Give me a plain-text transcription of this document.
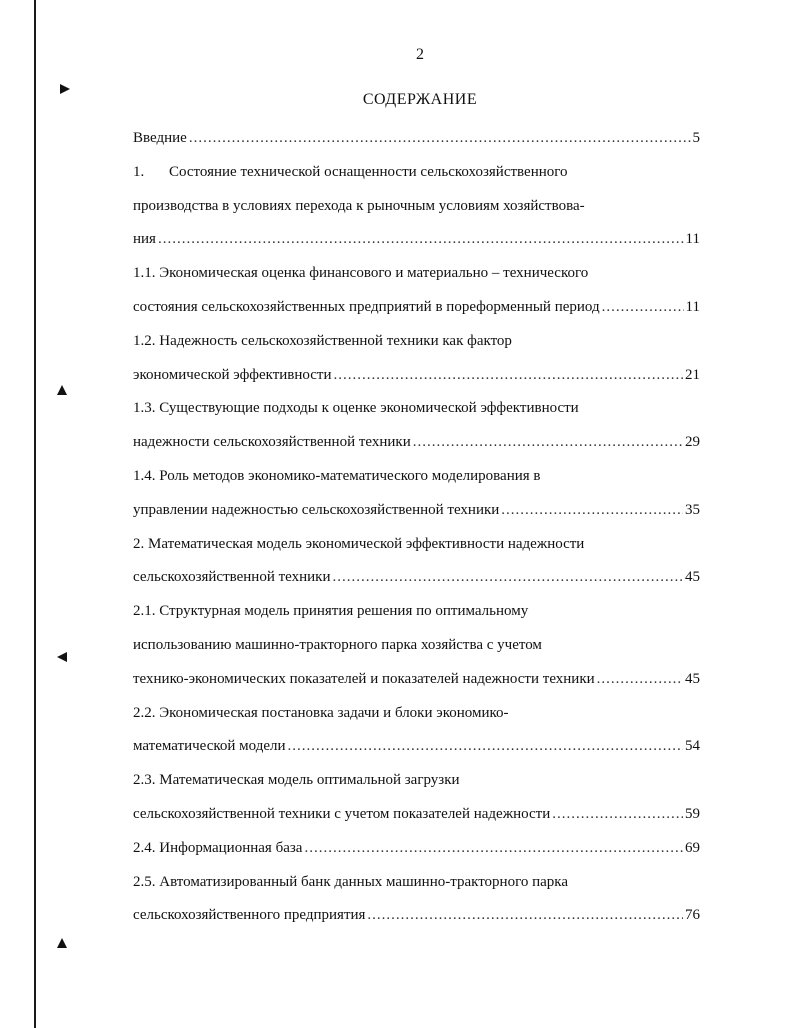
2
СОДЕРЖАНИЕ
Введние .....	5
1. Состояние технической оснащенности сельскохозяйственного
производства в условиях перехода к рыночным условиям хозяйствова-
ния .....	11
1.1. Экономическая оценка финансового и материально – технического
состояния сельскохозяйственных предприятий в пореформенный период .....	11
1.2. Надежность сельскохозяйственной техники как фактор
экономической эффективности .....	21
1.3. Существующие подходы к оценке экономической эффективности
надежности сельскохозяйственной техники .....	29
1.4. Роль методов экономико-математического моделирования в
управлении надежностью сельскохозяйственной техники .....	35
2. Математическая модель экономической эффективности надежности
сельскохозяйственной техники .....	45
2.1. Структурная модель принятия решения по оптимальному
использованию машинно-тракторного парка хозяйства с учетом
технико-экономических показателей и показателей надежности техники .....	45
2.2. Экономическая постановка задачи и блоки экономико-
математической модели .....	54
2.3. Математическая модель оптимальной загрузки
сельскохозяйственной техники с учетом показателей надежности .....	59
2.4. Информационная база .....	69
2.5. Автоматизированный банк данных машинно-тракторного парка
сельскохозяйственного предприятия .....	76
